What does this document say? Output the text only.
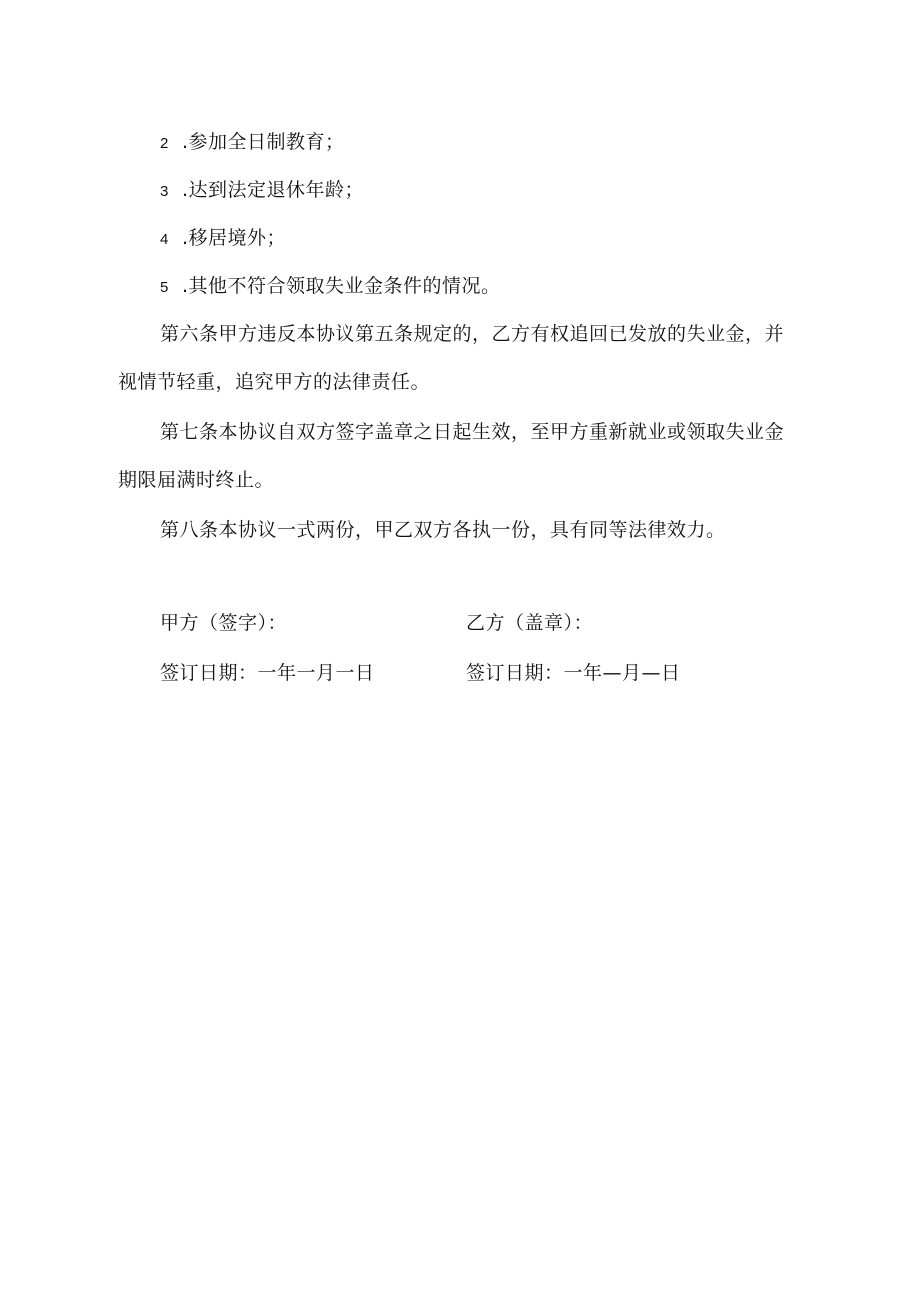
2 .参加全日制教育；
3 .达到法定退休年龄；
4 .移居境外；
5 .其他不符合领取失业金条件的情况。
第六条甲方违反本协议第五条规定的，乙方有权追回已发放的失业金，并
视情节轻重，追究甲方的法律责任。
第七条本协议自双方签字盖章之日起生效，至甲方重新就业或领取失业金
期限届满时终止。
第八条本协议一式两份，甲乙双方各执一份，具有同等法律效力。
甲方（签字）：	乙方（盖章）：
签订日期：一年一月一日	签订日期：一年—月—日
